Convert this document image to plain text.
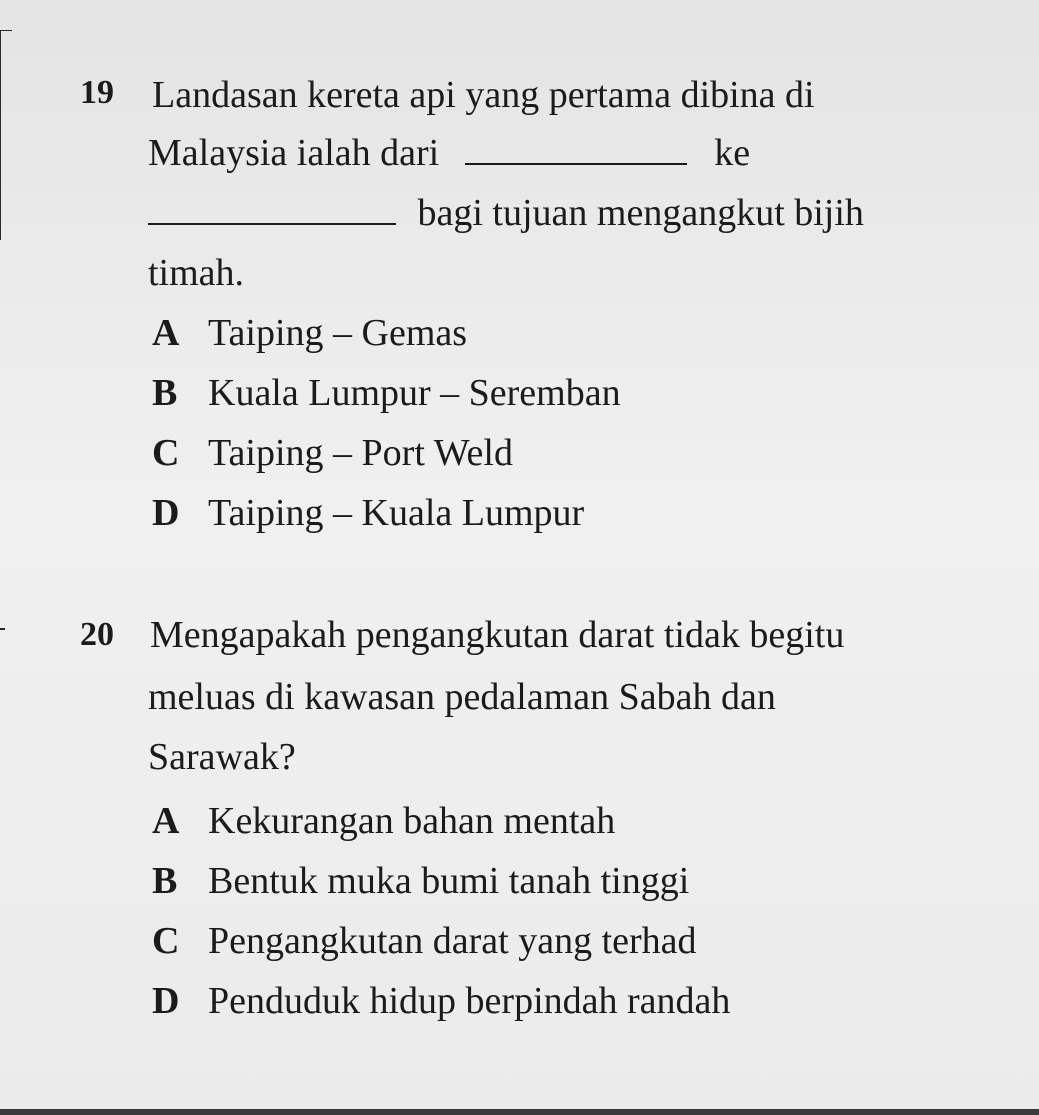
19 Landasan kereta api yang pertama dibina di
Malaysia ialah dari	ke
bagi tujuan mengangkut bijih
timah.
A Taiping – Gemas
B Kuala Lumpur – Seremban
C Taiping – Port Weld
D Taiping – Kuala Lumpur
20 Mengapakah pengangkutan darat tidak begitu
meluas di kawasan pedalaman Sabah dan
Sarawak?
A Kekurangan bahan mentah
B Bentuk muka bumi tanah tinggi
C Pengangkutan darat yang terhad
D Penduduk hidup berpindah randah
